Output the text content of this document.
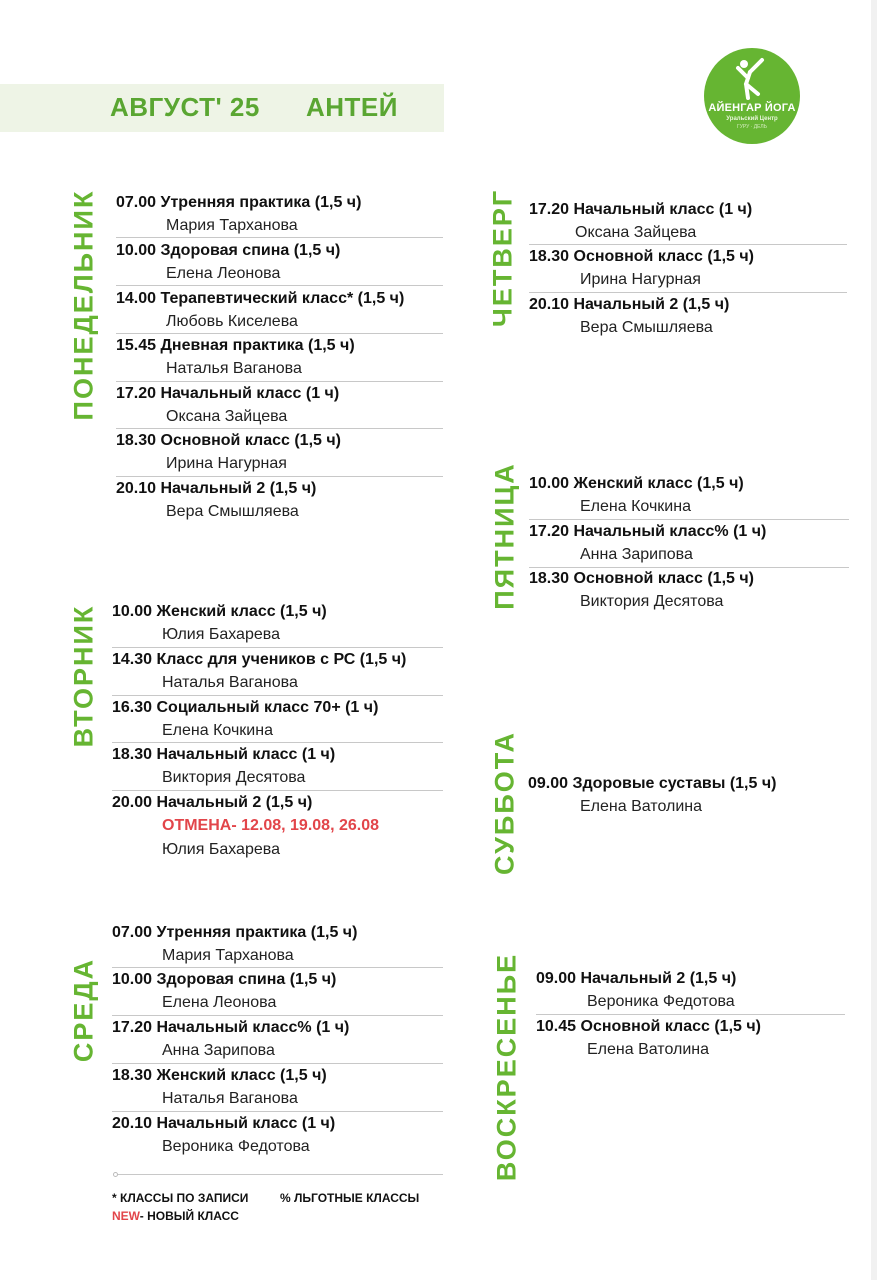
АВГУСТ' 25 АНТЕЙ	АЙЕНГАР ЙОГА
Уральский Центр
ГУРУ · ДЕЛЬ
ПОНЕДЕЛЬНИК
ВТОРНИК
СРЕДА
ЧЕТВЕРГ
ПЯТНИЦА
СУББОТА
ВОСКРЕСЕНЬЕ
07.00 Утренняя практика (1,5 ч)
Мария Тарханова
10.00 Здоровая спина (1,5 ч)
Елена Леонова
14.00 Терапевтический класс* (1,5 ч)
Любовь Киселева
15.45 Дневная практика (1,5 ч)
Наталья Ваганова
17.20 Начальный класс (1 ч)
Оксана Зайцева
18.30 Основной класс (1,5 ч)
Ирина Нагурная
20.10 Начальный 2 (1,5 ч)
Вера Смышляева
10.00 Женский класс (1,5 ч)
Юлия Бахарева
14.30 Класс для учеников с РС (1,5 ч)
Наталья Ваганова
16.30 Социальный класс 70+ (1 ч)
Елена Кочкина
18.30 Начальный класс (1 ч)
Виктория Десятова
20.00 Начальный 2 (1,5 ч)
ОТМЕНА- 12.08, 19.08, 26.08
Юлия Бахарева
07.00 Утренняя практика (1,5 ч)
Мария Тарханова
10.00 Здоровая спина (1,5 ч)
Елена Леонова
17.20 Начальный класс% (1 ч)
Анна Зарипова
18.30 Женский класс (1,5 ч)
Наталья Ваганова
20.10 Начальный класс (1 ч)
Вероника Федотова
17.20 Начальный класс (1 ч)
Оксана Зайцева
18.30 Основной класс (1,5 ч)
Ирина Нагурная
20.10 Начальный 2 (1,5 ч)
Вера Смышляева
10.00 Женский класс (1,5 ч)
Елена Кочкина
17.20 Начальный класс% (1 ч)
Анна Зарипова
18.30 Основной класс (1,5 ч)
Виктория Десятова
09.00 Здоровые суставы (1,5 ч)
Елена Ватолина
09.00 Начальный 2 (1,5 ч)
Вероника Федотова
10.45 Основной класс (1,5 ч)
Елена Ватолина
* КЛАССЫ ПО ЗАПИСИ	% ЛЬГОТНЫЕ КЛАССЫ
NEW- НОВЫЙ КЛАСС
